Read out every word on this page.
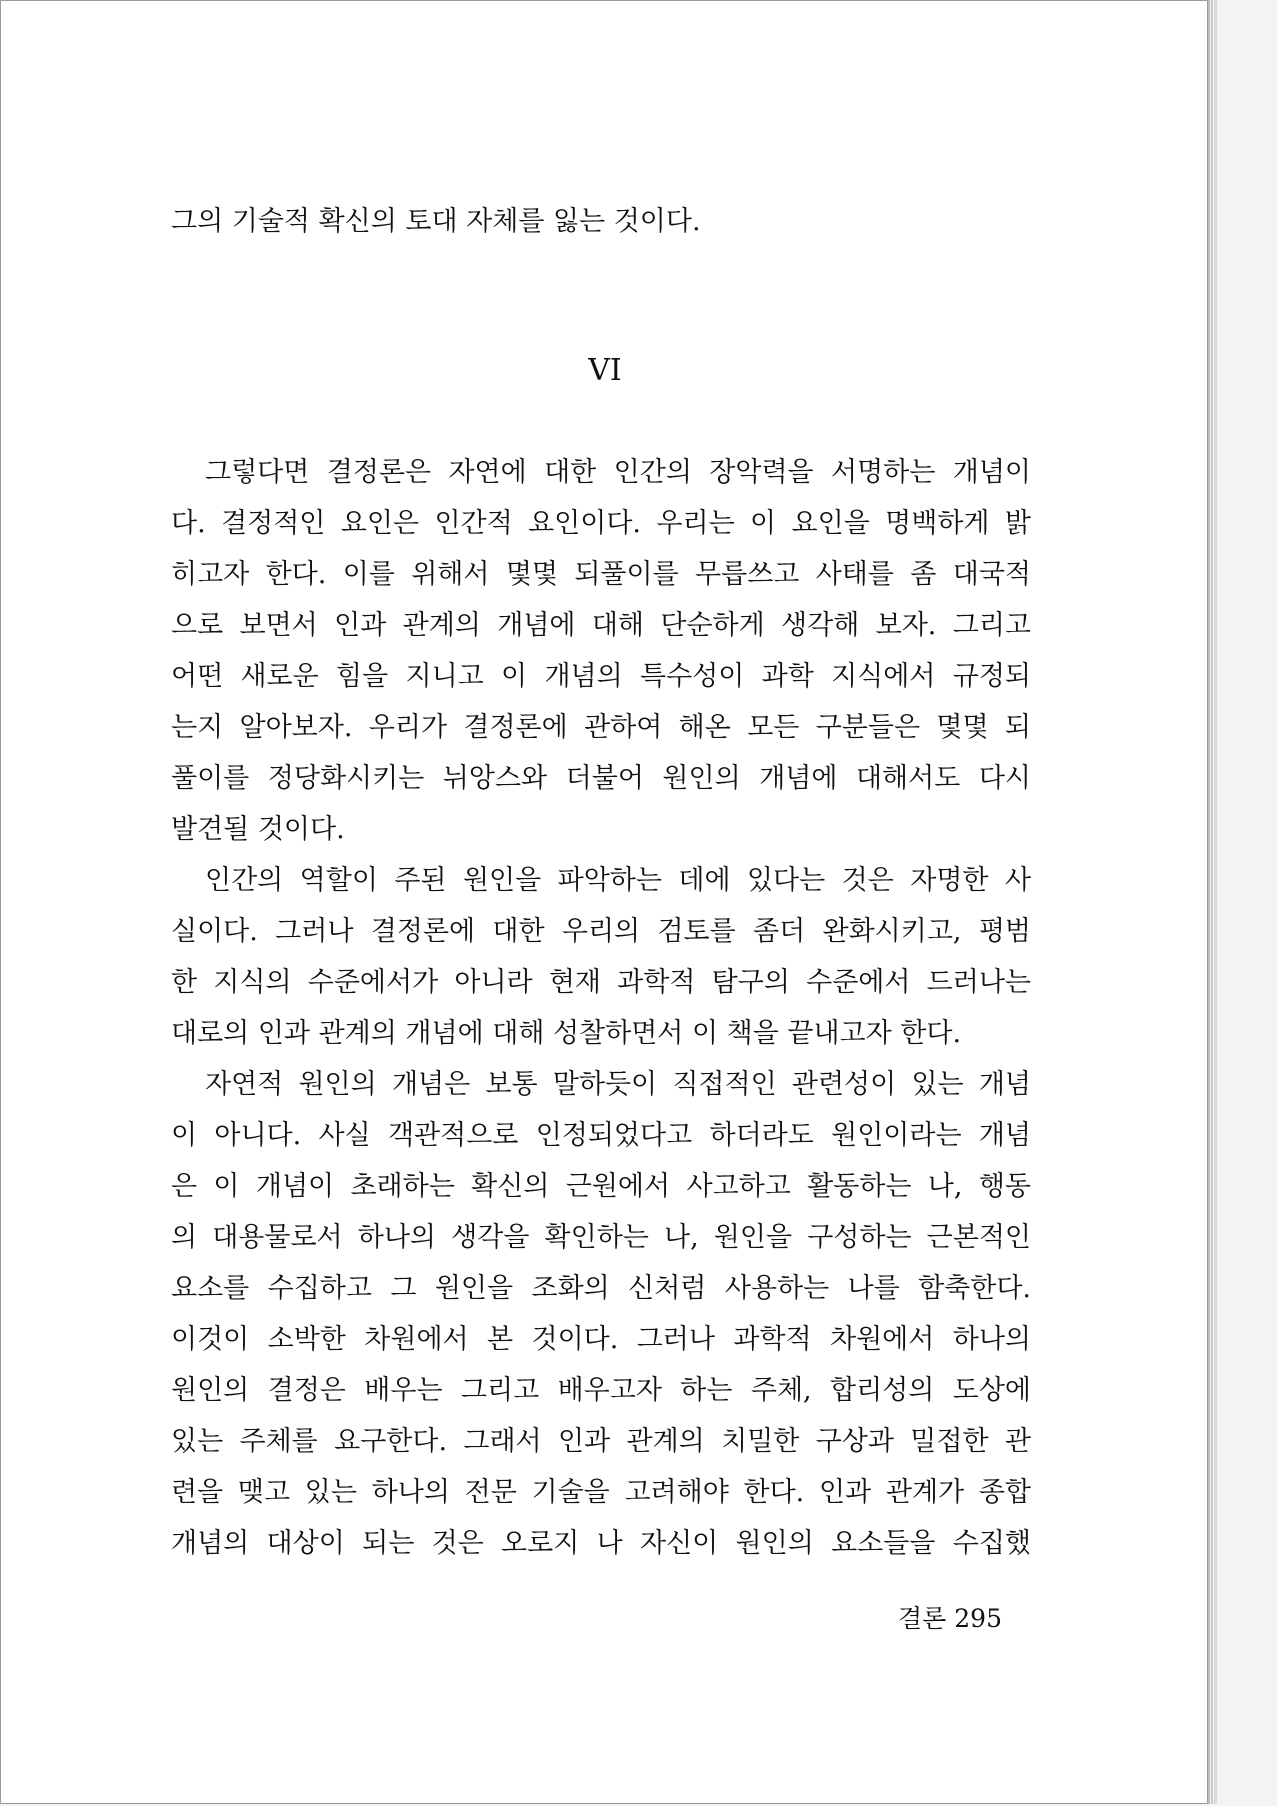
그의 기술적 확신의 토대 자체를 잃는 것이다.
VI
그렇다면 결정론은 자연에 대한 인간의 장악력을 서명하는 개념이
다. 결정적인 요인은 인간적 요인이다. 우리는 이 요인을 명백하게 밝
히고자 한다. 이를 위해서 몇몇 되풀이를 무릅쓰고 사태를 좀 대국적
으로 보면서 인과 관계의 개념에 대해 단순하게 생각해 보자. 그리고
어떤 새로운 힘을 지니고 이 개념의 특수성이 과학 지식에서 규정되
는지 알아보자. 우리가 결정론에 관하여 해온 모든 구분들은 몇몇 되
풀이를 정당화시키는 뉘앙스와 더불어 원인의 개념에 대해서도 다시
발견될 것이다.
인간의 역할이 주된 원인을 파악하는 데에 있다는 것은 자명한 사
실이다. 그러나 결정론에 대한 우리의 검토를 좀더 완화시키고, 평범
한 지식의 수준에서가 아니라 현재 과학적 탐구의 수준에서 드러나는
대로의 인과 관계의 개념에 대해 성찰하면서 이 책을 끝내고자 한다.
자연적 원인의 개념은 보통 말하듯이 직접적인 관련성이 있는 개념
이 아니다. 사실 객관적으로 인정되었다고 하더라도 원인이라는 개념
은 이 개념이 초래하는 확신의 근원에서 사고하고 활동하는 나, 행동
의 대용물로서 하나의 생각을 확인하는 나, 원인을 구성하는 근본적인
요소를 수집하고 그 원인을 조화의 신처럼 사용하는 나를 함축한다.
이것이 소박한 차원에서 본 것이다. 그러나 과학적 차원에서 하나의
원인의 결정은 배우는 그리고 배우고자 하는 주체, 합리성의 도상에
있는 주체를 요구한다. 그래서 인과 관계의 치밀한 구상과 밀접한 관
련을 맺고 있는 하나의 전문 기술을 고려해야 한다. 인과 관계가 종합
개념의 대상이 되는 것은 오로지 나 자신이 원인의 요소들을 수집했
결론 295
